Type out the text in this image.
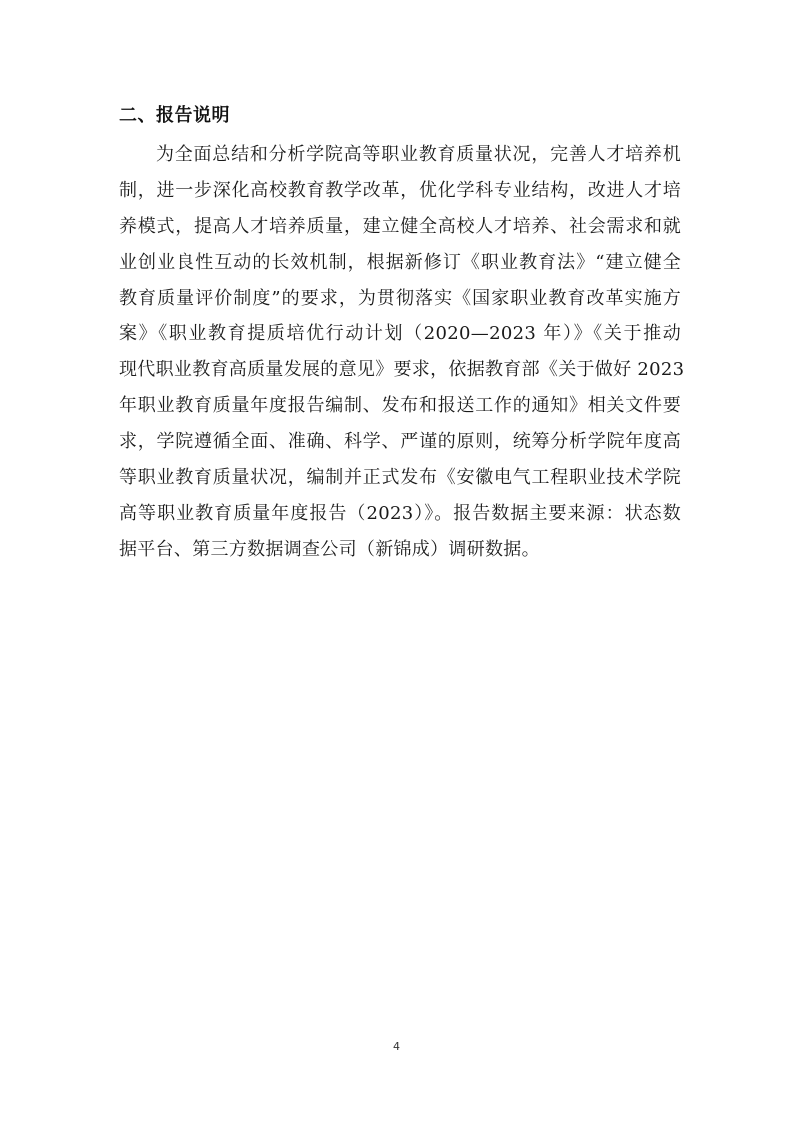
二、报告说明
为全面总结和分析学院高等职业教育质量状况，完善人才培养机
制，进一步深化高校教育教学改革，优化学科专业结构，改进人才培
养模式，提高人才培养质量，建立健全高校人才培养、社会需求和就
业创业良性互动的长效机制，根据新修订《职业教育法》“建立健全
教育质量评价制度”的要求，为贯彻落实《国家职业教育改革实施方
案》《职业教育提质培优行动计划（2020—2023 年）》《关于推动
现代职业教育高质量发展的意见》要求，依据教育部《关于做好 2023
年职业教育质量年度报告编制、发布和报送工作的通知》相关文件要
求，学院遵循全面、准确、科学、严谨的原则，统筹分析学院年度高
等职业教育质量状况，编制并正式发布《安徽电气工程职业技术学院
高等职业教育质量年度报告（2023）》。报告数据主要来源：状态数
据平台、第三方数据调查公司（新锦成）调研数据。
4
